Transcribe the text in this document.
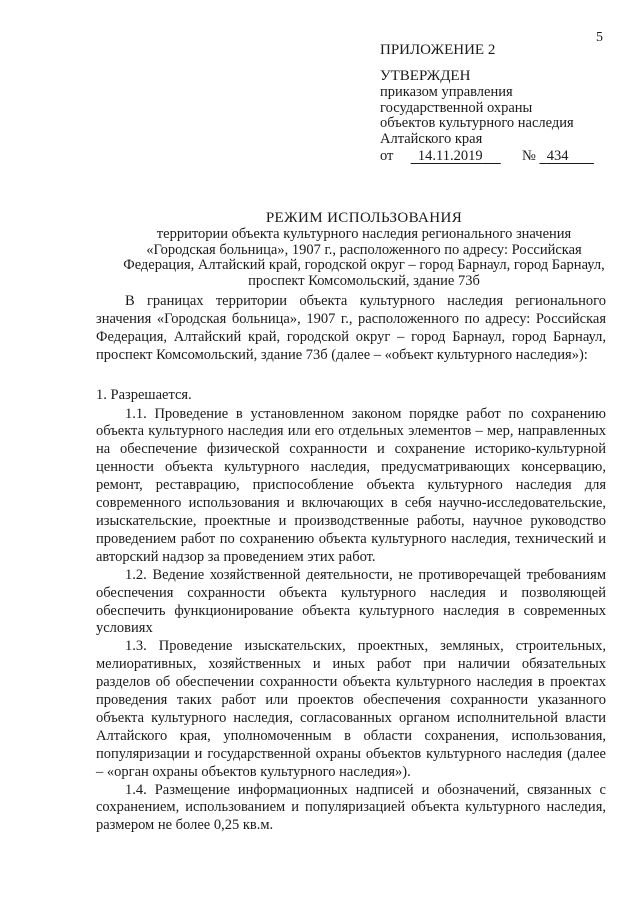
5
ПРИЛОЖЕНИЕ 2
УТВЕРЖДЕН
приказом управления
государственной охраны
объектов культурного наследия
Алтайского края
от 14.11.2019	№ 434
РЕЖИМ ИСПОЛЬЗОВАНИЯ
территории объекта культурного наследия регионального значения
«Городская больница», 1907 г., расположенного по адресу: Российская
Федерация, Алтайский край, городской округ – город Барнаул, город Барнаул,
проспект Комсомольский, здание 73б

В границах территории объекта культурного наследия регионального значения «Городская больница», 1907 г., расположенного по адресу: Российская Федерация, Алтайский край, городской округ – город Барнаул, город Барнаул, проспект Комсомольский, здание 73б (далее – «объект культурного наследия»):

1. Разрешается.

1.1. Проведение в установленном законом порядке работ по сохранению объекта культурного наследия или его отдельных элементов – мер, направленных на обеспечение физической сохранности и сохранение историко-культурной ценности объекта культурного наследия, предусматривающих консервацию, ремонт, реставрацию, приспособление объекта культурного наследия для современного использования и включающих в себя научно-исследовательские, изыскательские, проектные и производственные работы, научное руководство проведением работ по сохранению объекта культурного наследия, технический и авторский надзор за проведением этих работ.

1.2. Ведение хозяйственной деятельности, не противоречащей требованиям обеспечения сохранности объекта культурного наследия и позволяющей обеспечить функционирование объекта культурного наследия в современных условиях

1.3. Проведение изыскательских, проектных, земляных, строительных, мелиоративных, хозяйственных и иных работ при наличии обязательных разделов об обеспечении сохранности объекта культурного наследия в проектах проведения таких работ или проектов обеспечения сохранности указанного объекта культурного наследия, согласованных органом исполнительной власти Алтайского края, уполномоченным в области сохранения, использования, популяризации и государственной охраны объектов культурного наследия (далее – «орган охраны объектов культурного наследия»).

1.4. Размещение информационных надписей и обозначений, связанных с сохранением, использованием и популяризацией объекта культурного наследия, размером не более 0,25 кв.м.
